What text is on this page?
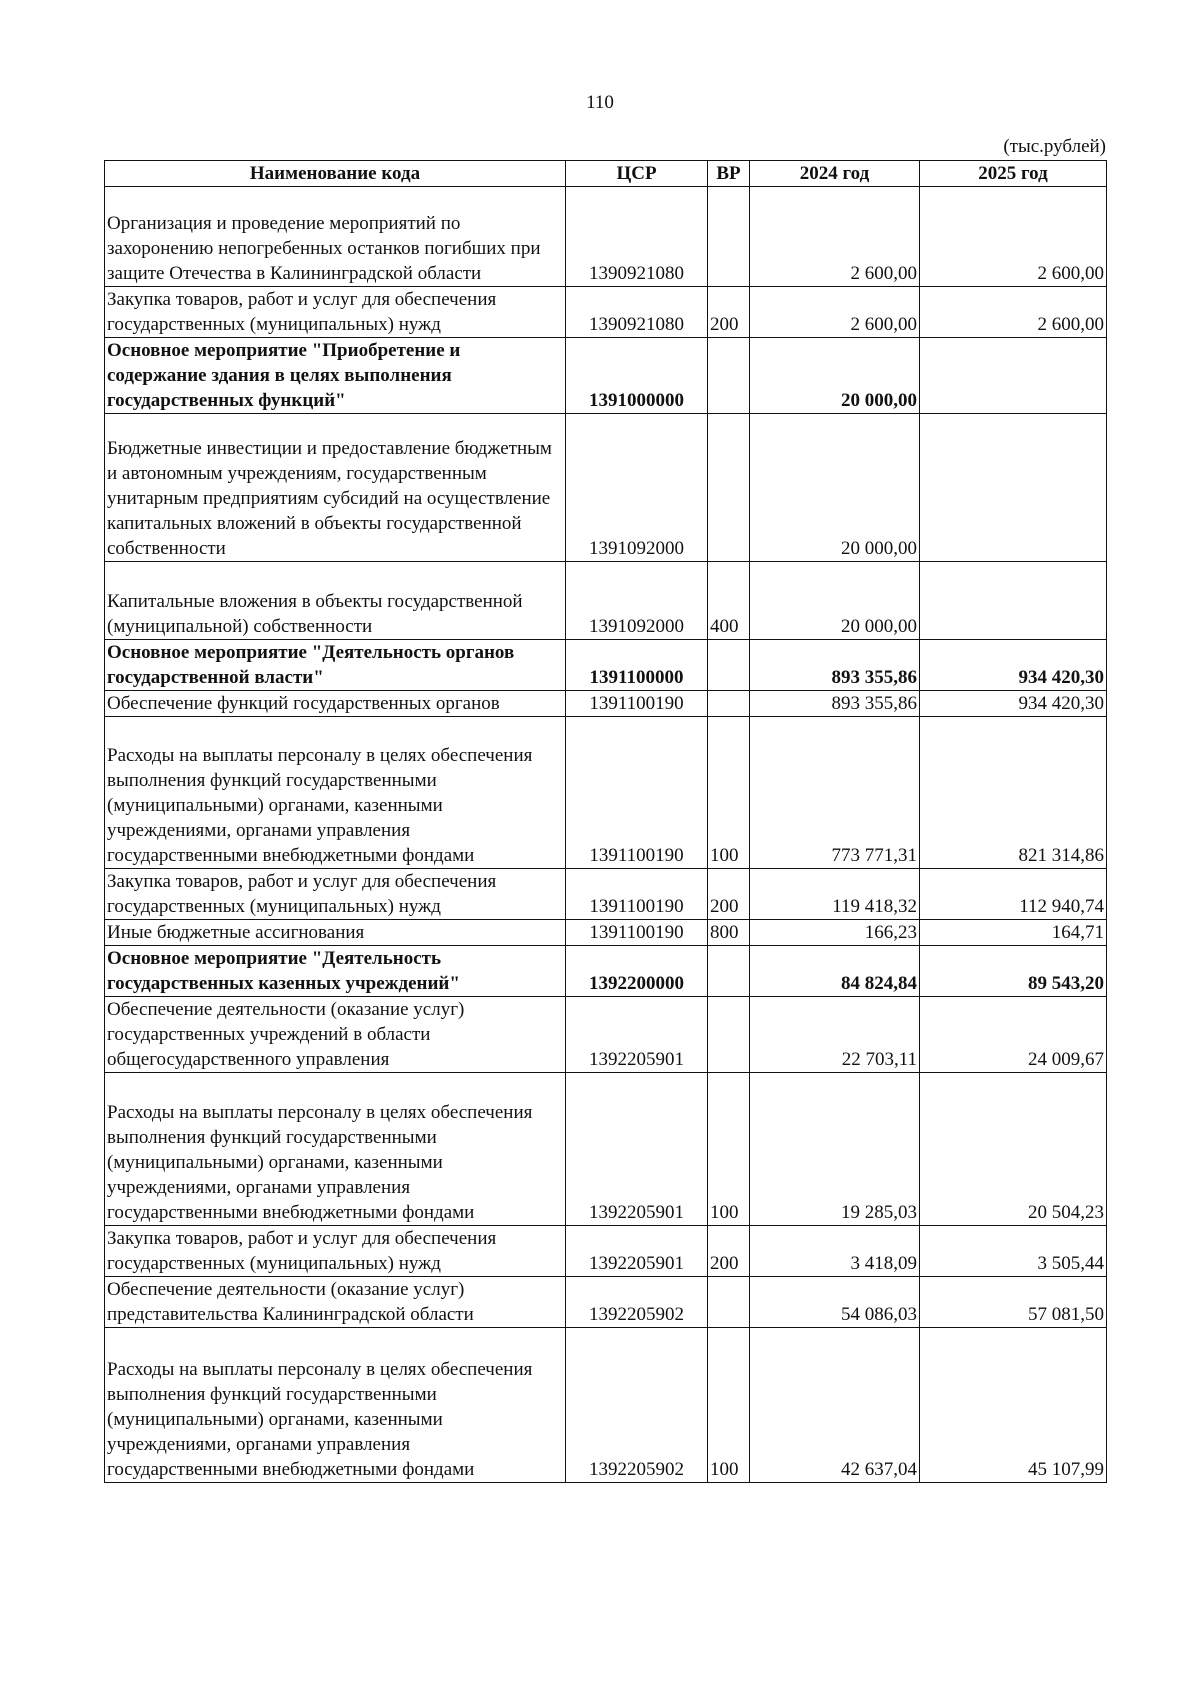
110
(тыс.рублей)
Наименование кода	ЦСР	ВР	2024 год	2025 год
Организация и проведение мероприятий по захоронению непогребенных останков погибших при защите Отечества в Калининградской области	1390921080		2 600,00	2 600,00
Закупка товаров, работ и услуг для обеспечения государственных (муниципальных) нужд	1390921080	200	2 600,00	2 600,00
Основное мероприятие "Приобретение и содержание здания в целях выполнения государственных функций"	1391000000		20 000,00	
Бюджетные инвестиции и предоставление бюджетным и автономным учреждениям, государственным унитарным предприятиям субсидий на осуществление капитальных вложений в объекты государственной собственности	1391092000		20 000,00	
Капитальные вложения в объекты государственной (муниципальной) собственности	1391092000	400	20 000,00	
Основное мероприятие "Деятельность органов государственной власти"	1391100000		893 355,86	934 420,30
Обеспечение функций государственных органов	1391100190		893 355,86	934 420,30
Расходы на выплаты персоналу в целях обеспечения выполнения функций государственными (муниципальными) органами, казенными учреждениями, органами управления государственными внебюджетными фондами	1391100190	100	773 771,31	821 314,86
Закупка товаров, работ и услуг для обеспечения государственных (муниципальных) нужд	1391100190	200	119 418,32	112 940,74
Иные бюджетные ассигнования	1391100190	800	166,23	164,71
Основное мероприятие "Деятельность государственных казенных учреждений"	1392200000		84 824,84	89 543,20
Обеспечение деятельности (оказание услуг) государственных учреждений в области общегосударственного управления	1392205901		22 703,11	24 009,67
Расходы на выплаты персоналу в целях обеспечения выполнения функций государственными (муниципальными) органами, казенными учреждениями, органами управления государственными внебюджетными фондами	1392205901	100	19 285,03	20 504,23
Закупка товаров, работ и услуг для обеспечения государственных (муниципальных) нужд	1392205901	200	3 418,09	3 505,44
Обеспечение деятельности (оказание услуг) представительства Калининградской области	1392205902		54 086,03	57 081,50
Расходы на выплаты персоналу в целях обеспечения выполнения функций государственными (муниципальными) органами, казенными учреждениями, органами управления государственными внебюджетными фондами	1392205902	100	42 637,04	45 107,99
